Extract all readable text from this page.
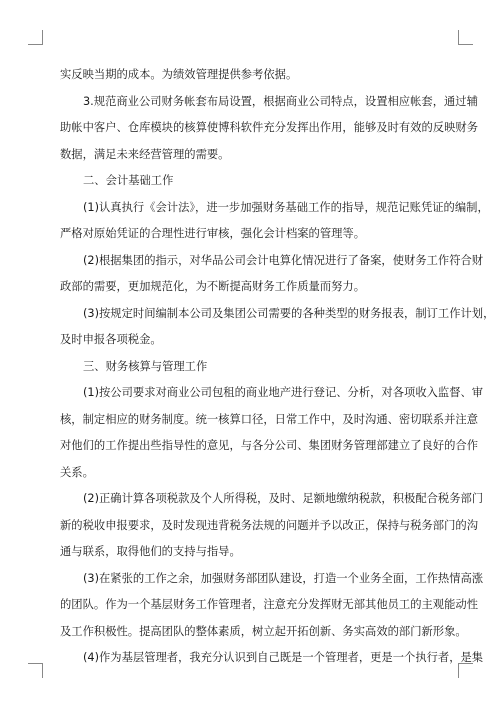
实反映当期的成本。为绩效管理提供参考依据。
3.规范商业公司财务帐套布局设置，根据商业公司特点，设置相应帐套，通过辅
助帐中客户、仓库模块的核算使博科软件充分发挥出作用，能够及时有效的反映财务
数据，满足未来经营管理的需要。
二、会计基础工作
(1)认真执行《会计法》，进一步加强财务基础工作的指导，规范记账凭证的编制，
严格对原始凭证的合理性进行审核，强化会计档案的管理等。
(2)根据集团的指示，对华品公司会计电算化情况进行了备案，使财务工作符合财
政部的需要，更加规范化，为不断提高财务工作质量而努力。
(3)按规定时间编制本公司及集团公司需要的各种类型的财务报表，制订工作计划，
及时申报各项税金。
三、财务核算与管理工作
(1)按公司要求对商业公司包租的商业地产进行登记、分析，对各项收入监督、审
核，制定相应的财务制度。统一核算口径，日常工作中，及时沟通、密切联系并注意
对他们的工作提出些指导性的意见，与各分公司、集团财务管理部建立了良好的合作
关系。
(2)正确计算各项税款及个人所得税，及时、足额地缴纳税款，积极配合税务部门
新的税收申报要求，及时发现违背税务法规的问题并予以改正，保持与税务部门的沟
通与联系，取得他们的支持与指导。
(3)在紧张的工作之余，加强财务部团队建设，打造一个业务全面，工作热情高涨
的团队。作为一个基层财务工作管理者，注意充分发挥财无部其他员工的主观能动性
及工作积极性。提高团队的整体素质，树立起开拓创新、务实高效的部门新形象。
(4)作为基层管理者，我充分认识到自己既是一个管理者，更是一个执行者，是集
